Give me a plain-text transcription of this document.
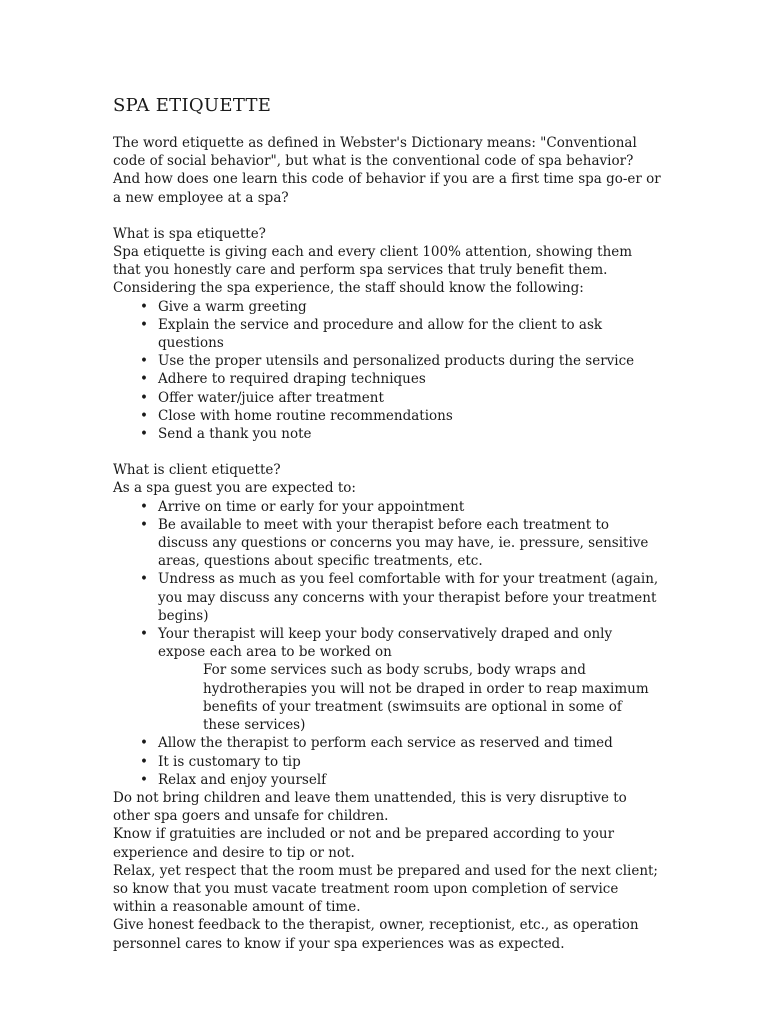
SPA ETIQUETTE

The word etiquette as defined in Webster's Dictionary means: "Conventional code of social behavior", but what is the conventional code of spa behavior? And how does one learn this code of behavior if you are a first time spa go-er or a new employee at a spa?

What is spa etiquette?

Spa etiquette is giving each and every client 100% attention, showing them that you honestly care and perform spa services that truly benefit them. Considering the spa experience, the staff should know the following:

• Give a warm greeting
• Explain the service and procedure and allow for the client to ask questions
• Use the proper utensils and personalized products during the service
• Adhere to required draping techniques
• Offer water/juice after treatment
• Close with home routine recommendations
• Send a thank you note

What is client etiquette?

As a spa guest you are expected to:

• Arrive on time or early for your appointment
• Be available to meet with your therapist before each treatment to discuss any questions or concerns you may have, ie. pressure, sensitive areas, questions about specific treatments, etc.
• Undress as much as you feel comfortable with for your treatment (again, you may discuss any concerns with your therapist before your treatment begins)
• Your therapist will keep your body conservatively draped and only expose each area to be worked on

For some services such as body scrubs, body wraps and hydrotherapies you will not be draped in order to reap maximum benefits of your treatment (swimsuits are optional in some of these services)

• Allow the therapist to perform each service as reserved and timed
• It is customary to tip
• Relax and enjoy yourself

Do not bring children and leave them unattended, this is very disruptive to other spa goers and unsafe for children.

Know if gratuities are included or not and be prepared according to your experience and desire to tip or not.

Relax, yet respect that the room must be prepared and used for the next client; so know that you must vacate treatment room upon completion of service within a reasonable amount of time.

Give honest feedback to the therapist, owner, receptionist, etc., as operation personnel cares to know if your spa experiences was as expected.
